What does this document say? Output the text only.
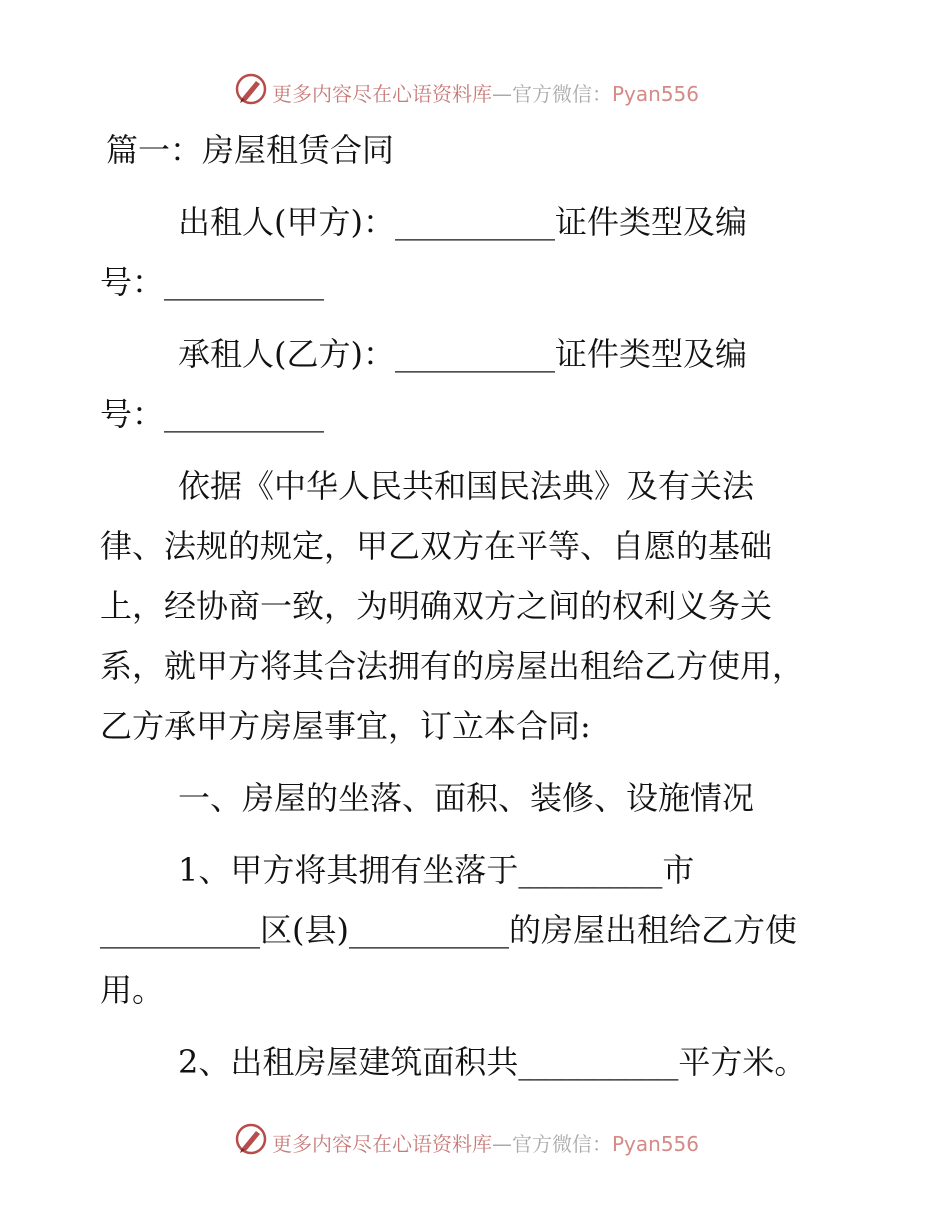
更多内容尽在心语资料库—官方微信：Pyan556

篇一：房屋租赁合同

出租人(甲方)：__________证件类型及编

号：__________

承租人(乙方)：__________证件类型及编

号：__________

依据《中华人民共和国民法典》及有关法

律、法规的规定，甲乙双方在平等、自愿的基础

上，经协商一致，为明确双方之间的权利义务关

系，就甲方将其合法拥有的房屋出租给乙方使用，

乙方承甲方房屋事宜，订立本合同:

一、房屋的坐落、面积、装修、设施情况

1、甲方将其拥有坐落于_________市

__________区(县)__________的房屋出租给乙方使

用。

2、出租房屋建筑面积共__________平方米。

更多内容尽在心语资料库—官方微信：Pyan556
